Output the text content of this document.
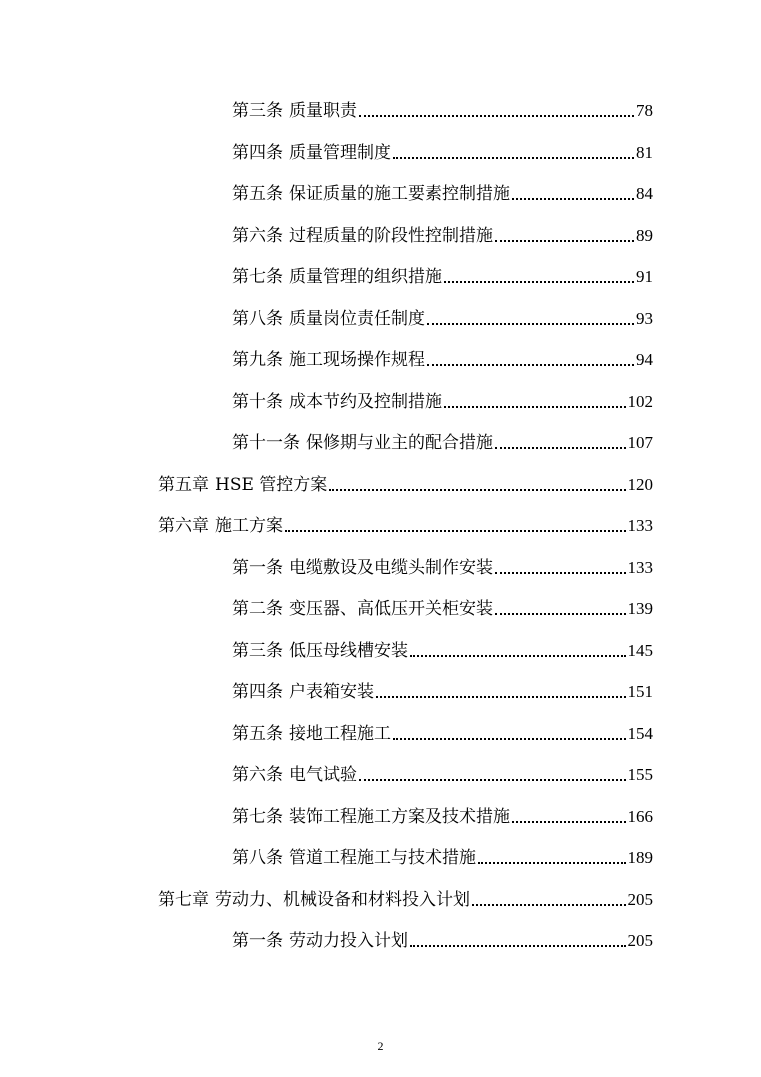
第三条 质量职责	78
第四条 质量管理制度	81
第五条 保证质量的施工要素控制措施	84
第六条 过程质量的阶段性控制措施	89
第七条 质量管理的组织措施	91
第八条 质量岗位责任制度	93
第九条 施工现场操作规程	94
第十条 成本节约及控制措施	102
第十一条 保修期与业主的配合措施	107
第五章 HSE 管控方案	120
第六章 施工方案	133
第一条 电缆敷设及电缆头制作安装	133
第二条 变压器、高低压开关柜安装	139
第三条 低压母线槽安装	145
第四条 户表箱安装	151
第五条 接地工程施工	154
第六条 电气试验	155
第七条 装饰工程施工方案及技术措施	166
第八条 管道工程施工与技术措施	189
第七章 劳动力、机械设备和材料投入计划	205
第一条 劳动力投入计划	205
2
